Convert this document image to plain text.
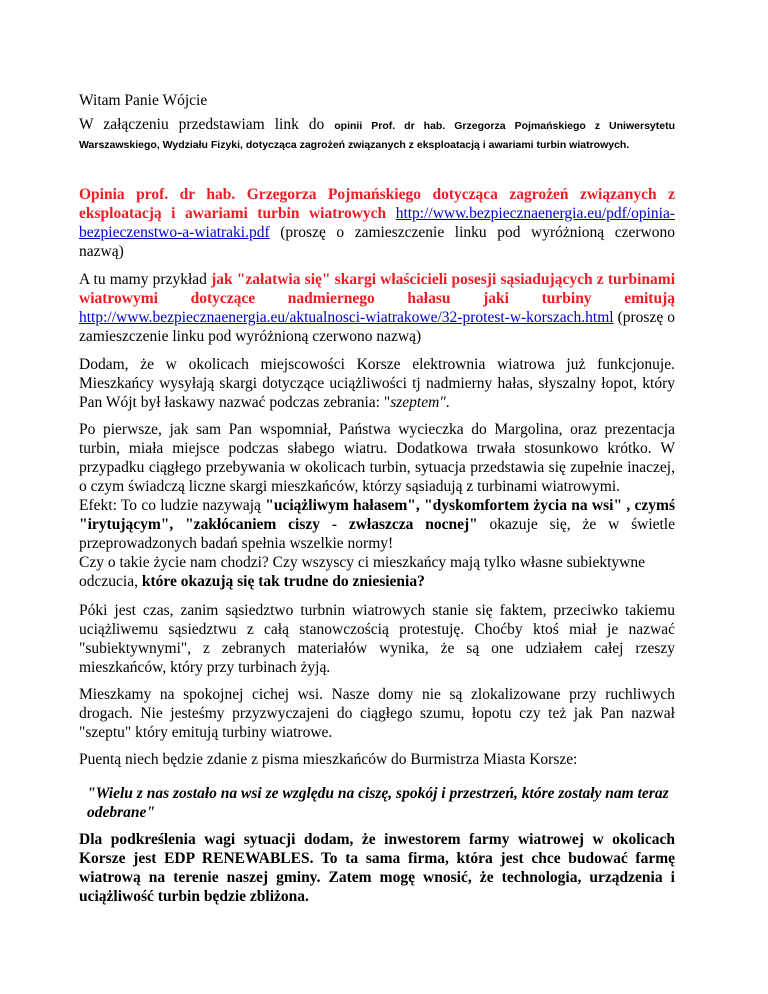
Witam Panie Wójcie

W załączeniu przedstawiam link do opinii Prof. dr hab. Grzegorza Pojmańskiego z Uniwersytetu Warszawskiego, Wydziału Fizyki, dotycząca zagrożeń związanych z eksploatacją i awariami turbin wiatrowych.

Opinia prof. dr hab. Grzegorza Pojmańskiego dotycząca zagrożeń związanych z eksploatacją i awariami turbin wiatrowych http://www.bezpiecznaenergia.eu/pdf/opinia-bezpieczenstwo-a-wiatraki.pdf (proszę o zamieszczenie linku pod wyróżnioną czerwono nazwą)

A tu mamy przykład jak "załatwia się" skargi właścicieli posesji sąsiadujących z turbinami wiatrowymi dotyczące nadmiernego hałasu jaki turbiny emitują http://www.bezpiecznaenergia.eu/aktualnosci-wiatrakowe/32-protest-w-korszach.html (proszę o zamieszczenie linku pod wyróżnioną czerwono nazwą)

Dodam, że w okolicach miejscowości Korsze elektrownia wiatrowa już funkcjonuje. Mieszkańcy wysyłają skargi dotyczące uciążliwości tj nadmierny hałas, słyszalny łopot, który Pan Wójt był łaskawy nazwać podczas zebrania: "szeptem".

Po pierwsze, jak sam Pan wspomniał, Państwa wycieczka do Margolina, oraz prezentacja turbin, miała miejsce podczas słabego wiatru. Dodatkowa trwała stosunkowo krótko. W przypadku ciągłego przebywania w okolicach turbin, sytuacja przedstawia się zupełnie inaczej, o czym świadczą liczne skargi mieszkańców, którzy sąsiadują z turbinami wiatrowymi.

Efekt: To co ludzie nazywają "uciążliwym hałasem", "dyskomfortem życia na wsi" , czymś "irytującym", "zakłócaniem ciszy - zwłaszcza nocnej" okazuje się, że w świetle przeprowadzonych badań spełnia wszelkie normy!

Czy o takie życie nam chodzi? Czy wszyscy ci mieszkańcy mają tylko własne subiektywne odczucia, które okazują się tak trudne do zniesienia?

Póki jest czas, zanim sąsiedztwo turbnin wiatrowych stanie się faktem, przeciwko takiemu uciążliwemu sąsiedztwu z całą stanowczością protestuję. Choćby ktoś miał je nazwać "subiektywnymi", z zebranych materiałów wynika, że są one udziałem całej rzeszy mieszkańców, który przy turbinach żyją.

Mieszkamy na spokojnej cichej wsi. Nasze domy nie są zlokalizowane przy ruchliwych drogach. Nie jesteśmy przyzwyczajeni do ciągłego szumu, łopotu czy też jak Pan nazwał "szeptu" który emitują turbiny wiatrowe.

Puentą niech będzie zdanie z pisma mieszkańców do Burmistrza Miasta Korsze:

"Wielu z nas zostało na wsi ze względu na ciszę, spokój i przestrzeń, które zostały nam teraz odebrane"

Dla podkreślenia wagi sytuacji dodam, że inwestorem farmy wiatrowej w okolicach Korsze jest EDP RENEWABLES. To ta sama firma, która jest chce budować farmę wiatrową na terenie naszej gminy. Zatem mogę wnosić, że technologia, urządzenia i uciążliwość turbin będzie zbliżona.
